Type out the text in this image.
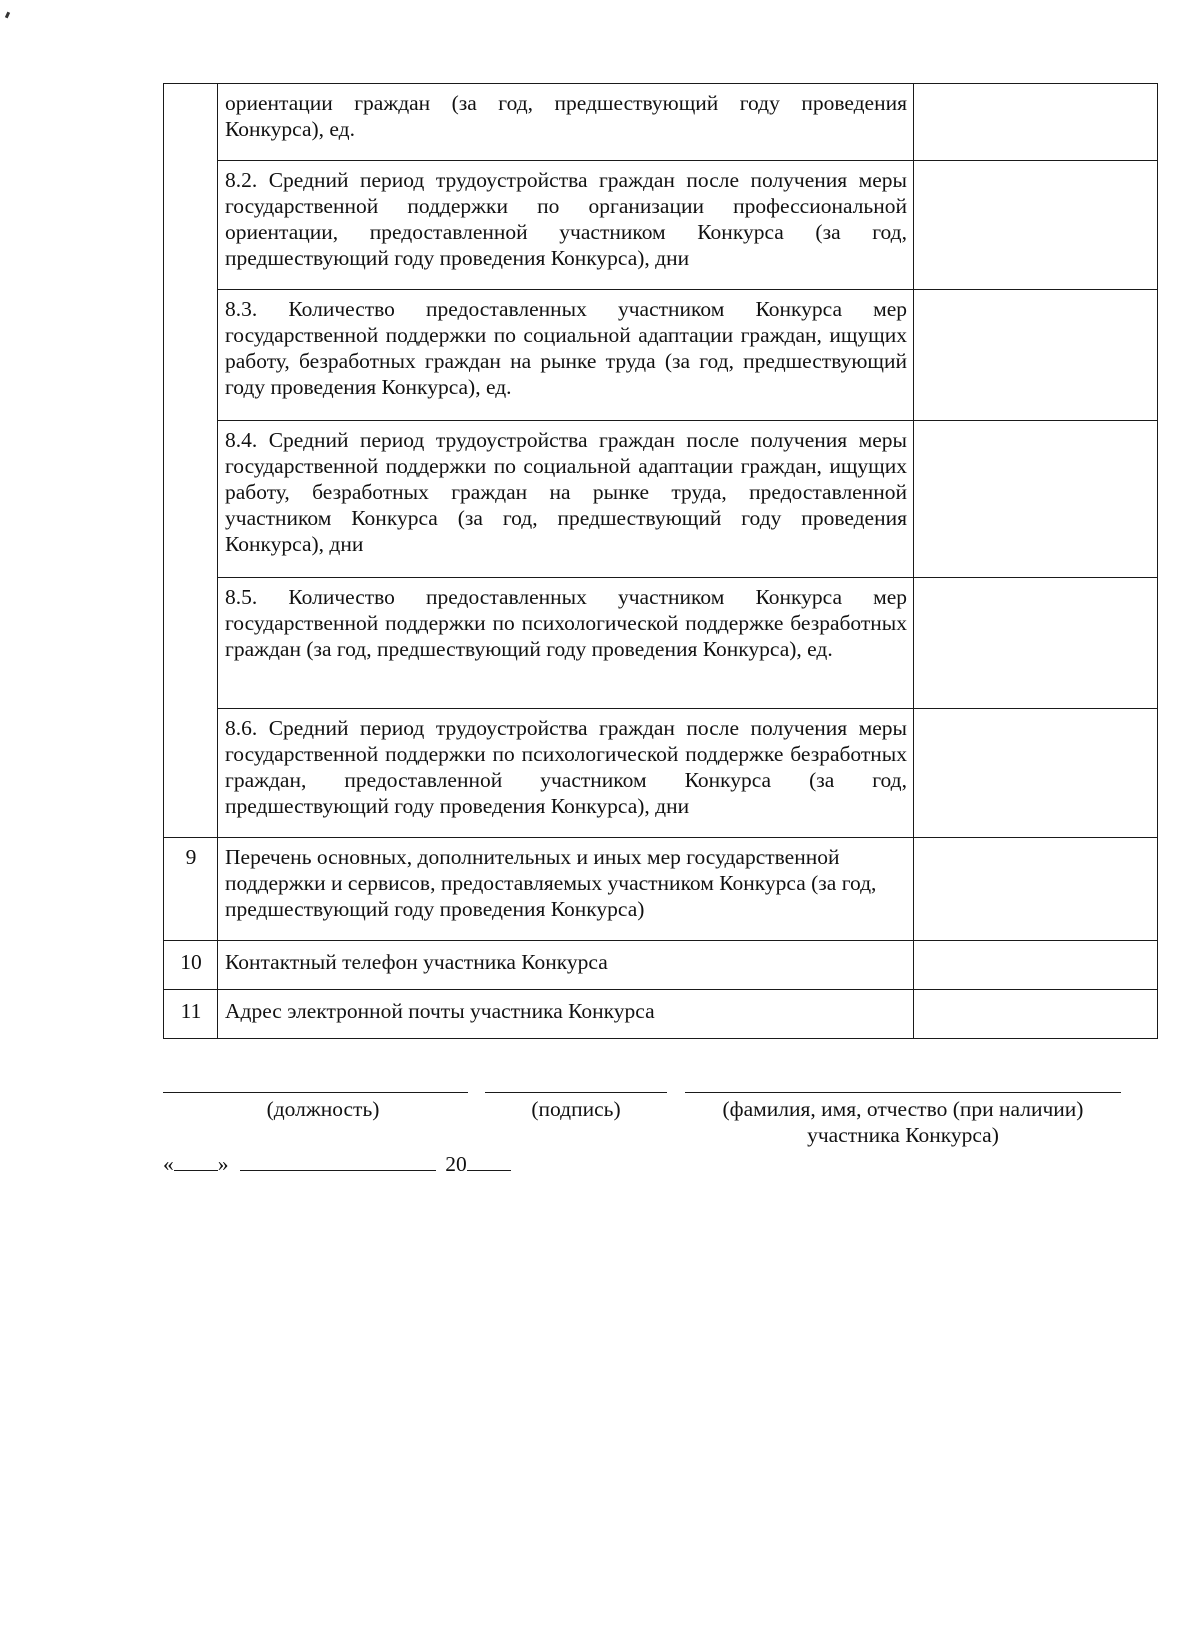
	ориентации граждан (за год, предшествующий году проведения Конкурса), ед.	
	8.2. Средний период трудоустройства граждан после получения меры государственной поддержки по организации профессиональной ориентации, предоставленной участником Конкурса (за год, предшествующий году проведения Конкурса), дни	
	8.3. Количество предоставленных участником Конкурса мер государственной поддержки по социальной адаптации граждан, ищущих работу, безработных граждан на рынке труда (за год, предшествующий году проведения Конкурса), ед.	
	8.4. Средний период трудоустройства граждан после получения меры государственной поддержки по социальной адаптации граждан, ищущих работу, безработных граждан на рынке труда, предоставленной участником Конкурса (за год, предшествующий году проведения Конкурса), дни	
	8.5. Количество предоставленных участником Конкурса мер государственной поддержки по психологической поддержке безработных граждан (за год, предшествующий году проведения Конкурса), ед.	
	8.6. Средний период трудоустройства граждан после получения меры государственной поддержки по психологической поддержке безработных граждан, предоставленной участником Конкурса (за год, предшествующий году проведения Конкурса), дни	
9	Перечень основных, дополнительных и иных мер государственной поддержки и сервисов, предоставляемых участником Конкурса (за год, предшествующий году проведения Конкурса)	
10	Контактный телефон участника Конкурса	
11	Адрес электронной почты участника Конкурса	
(должность)	(подпись)	(фамилия, имя, отчество (при наличии)
участника Конкурса)
« »	20
